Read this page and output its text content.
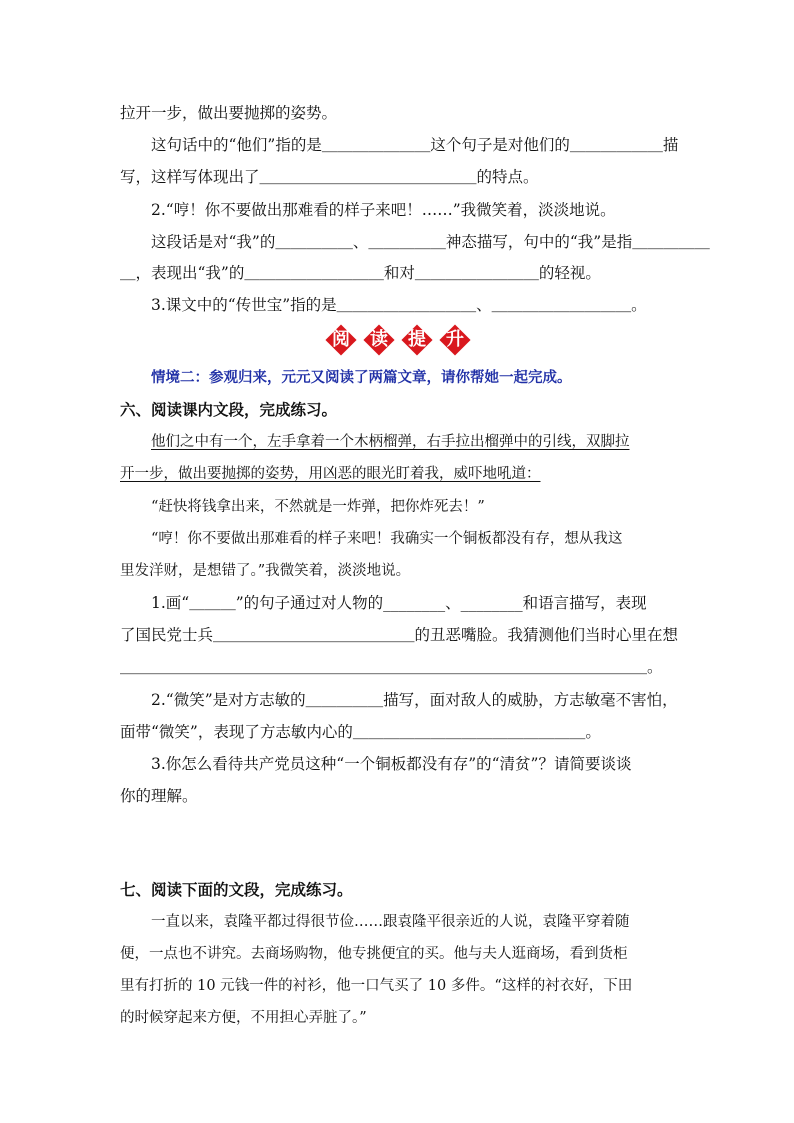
拉开一步，做出要抛掷的姿势。
这句话中的“他们”指的是＿＿＿＿＿＿＿这个句子是对他们的＿＿＿＿＿＿描
写，这样写体现出了＿＿＿＿＿＿＿＿＿＿＿＿＿＿的特点。
2.“哼！你不要做出那难看的样子来吧！……”我微笑着，淡淡地说。
这段话是对“我”的＿＿＿＿＿、＿＿＿＿＿神态描写，句中的“我”是指＿＿＿＿＿
＿，表现出“我”的＿＿＿＿＿＿＿＿＿和对＿＿＿＿＿＿＿＿的轻视。
3.课文中的“传世宝”指的是＿＿＿＿＿＿＿＿＿、＿＿＿＿＿＿＿＿＿。
阅	读	提	升
情境二：参观归来，元元又阅读了两篇文章，请你帮她一起完成。
六、阅读课内文段，完成练习。
他们之中有一个，左手拿着一个木柄榴弹，右手拉出榴弹中的引线，双脚拉
开一步，做出要抛掷的姿势，用凶恶的眼光盯着我，威吓地吼道：
“赶快将钱拿出来，不然就是一炸弹，把你炸死去！”
“哼！你不要做出那难看的样子来吧！我确实一个铜板都没有存，想从我这
里发洋财，是想错了。”我微笑着，淡淡地说。
1.画“＿＿＿”的句子通过对人物的________、________和语言描写，表现
了国民党士兵＿＿＿＿＿＿＿＿＿＿＿＿＿的丑恶嘴脸。我猜测他们当时心里在想
＿＿＿＿＿＿＿＿＿＿＿＿＿＿＿＿＿＿＿＿＿＿＿＿＿＿＿＿＿＿＿＿＿＿。
2.“微笑”是对方志敏的＿＿＿＿＿描写，面对敌人的威胁，方志敏毫不害怕，
面带“微笑”，表现了方志敏内心的＿＿＿＿＿＿＿＿＿＿＿＿＿＿＿。
3.你怎么看待共产党员这种“一个铜板都没有存”的“清贫”？请简要谈谈
你的理解。
七、阅读下面的文段，完成练习。
一直以来，袁隆平都过得很节俭……跟袁隆平很亲近的人说，袁隆平穿着随
便，一点也不讲究。去商场购物，他专挑便宜的买。他与夫人逛商场，看到货柜
里有打折的 10 元钱一件的衬衫，他一口气买了 10 多件。“这样的衬衣好，下田
的时候穿起来方便，不用担心弄脏了。”
